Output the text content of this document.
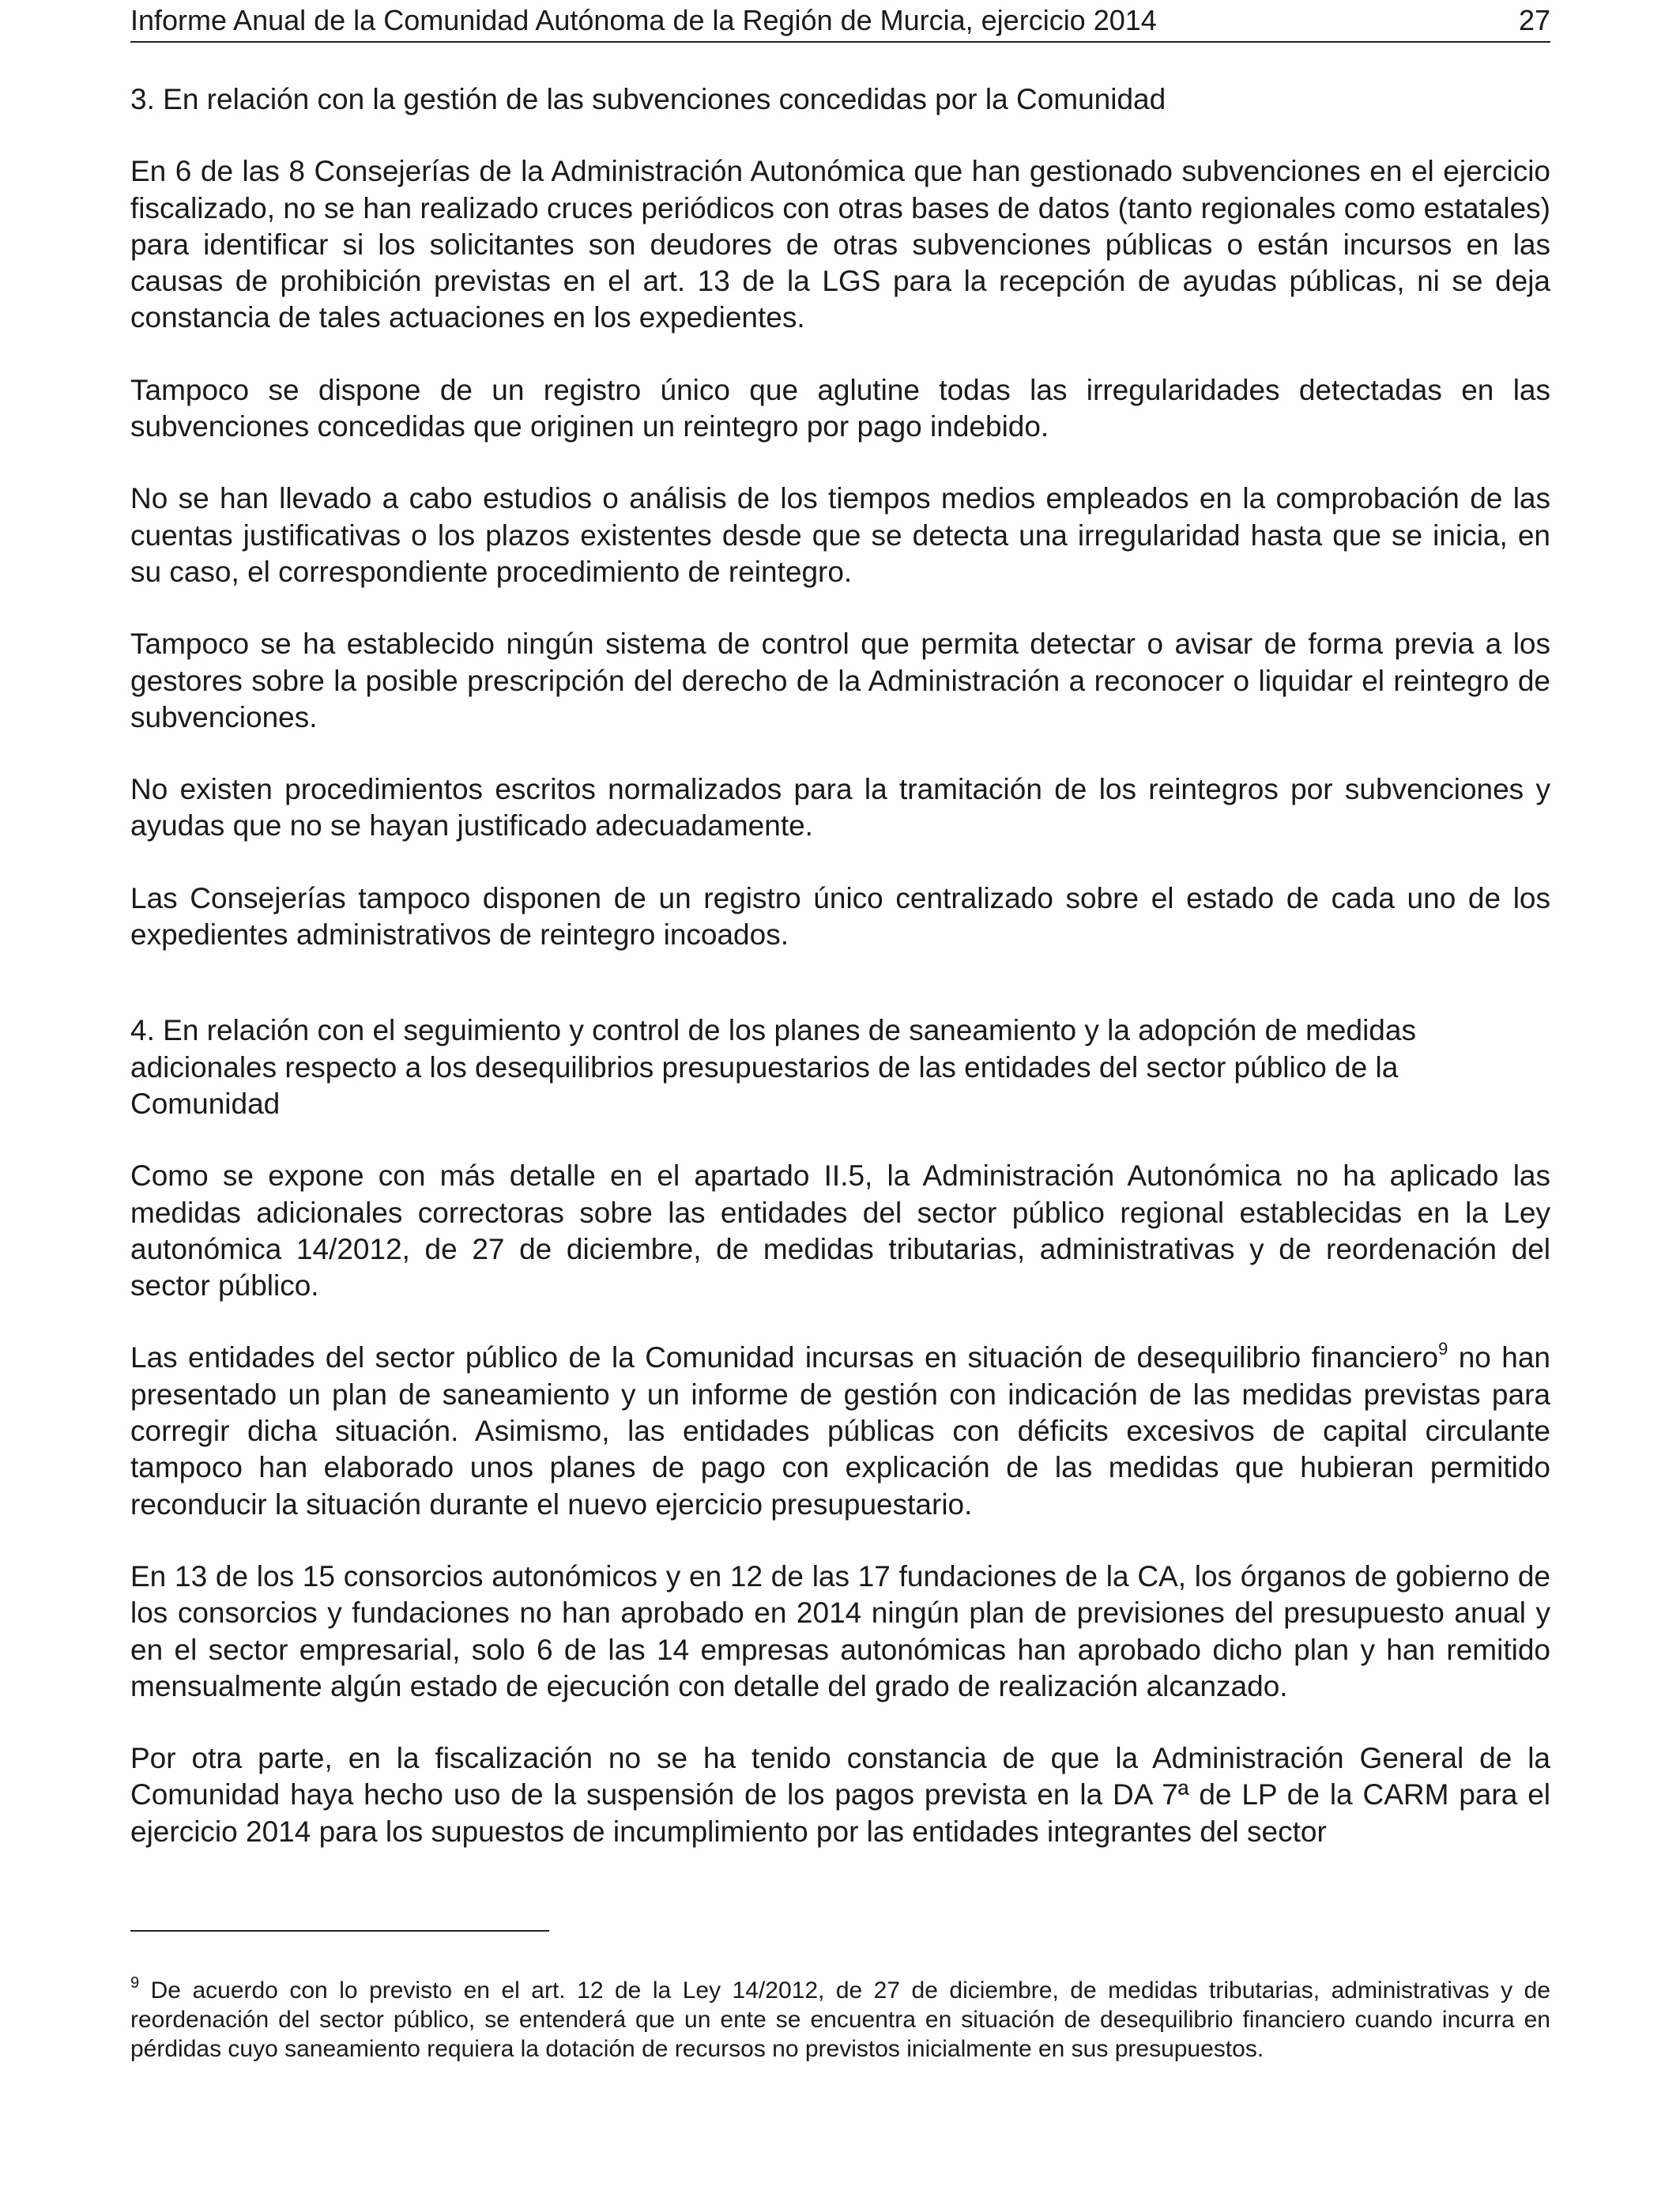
Informe Anual de la Comunidad Autónoma de la Región de Murcia, ejercicio 2014	27

3. En relación con la gestión de las subvenciones concedidas por la Comunidad

En 6 de las 8 Consejerías de la Administración Autonómica que han gestionado subvenciones en el ejercicio fiscalizado, no se han realizado cruces periódicos con otras bases de datos (tanto regionales como estatales) para identificar si los solicitantes son deudores de otras subvenciones públicas o están incursos en las causas de prohibición previstas en el art. 13 de la LGS para la recepción de ayudas públicas, ni se deja constancia de tales actuaciones en los expedientes.

Tampoco se dispone de un registro único que aglutine todas las irregularidades detectadas en las subvenciones concedidas que originen un reintegro por pago indebido.

No se han llevado a cabo estudios o análisis de los tiempos medios empleados en la comprobación de las cuentas justificativas o los plazos existentes desde que se detecta una irregularidad hasta que se inicia, en su caso, el correspondiente procedimiento de reintegro.

Tampoco se ha establecido ningún sistema de control que permita detectar o avisar de forma previa a los gestores sobre la posible prescripción del derecho de la Administración a reconocer o liquidar el reintegro de subvenciones.

No existen procedimientos escritos normalizados para la tramitación de los reintegros por subvenciones y ayudas que no se hayan justificado adecuadamente.

Las Consejerías tampoco disponen de un registro único centralizado sobre el estado de cada uno de los expedientes administrativos de reintegro incoados.

4. En relación con el seguimiento y control de los planes de saneamiento y la adopción de medidas adicionales respecto a los desequilibrios presupuestarios de las entidades del sector público de la Comunidad

Como se expone con más detalle en el apartado II.5, la Administración Autonómica no ha aplicado las medidas adicionales correctoras sobre las entidades del sector público regional establecidas en la Ley autonómica 14/2012, de 27 de diciembre, de medidas tributarias, administrativas y de reordenación del sector público.

Las entidades del sector público de la Comunidad incursas en situación de desequilibrio financiero$^9$ no han presentado un plan de saneamiento y un informe de gestión con indicación de las medidas previstas para corregir dicha situación. Asimismo, las entidades públicas con déficits excesivos de capital circulante tampoco han elaborado unos planes de pago con explicación de las medidas que hubieran permitido reconducir la situación durante el nuevo ejercicio presupuestario.

En 13 de los 15 consorcios autonómicos y en 12 de las 17 fundaciones de la CA, los órganos de gobierno de los consorcios y fundaciones no han aprobado en 2014 ningún plan de previsiones del presupuesto anual y en el sector empresarial, solo 6 de las 14 empresas autonómicas han aprobado dicho plan y han remitido mensualmente algún estado de ejecución con detalle del grado de realización alcanzado.

Por otra parte, en la fiscalización no se ha tenido constancia de que la Administración General de la Comunidad haya hecho uso de la suspensión de los pagos prevista en la DA 7ª de LP de la CARM para el ejercicio 2014 para los supuestos de incumplimiento por las entidades integrantes del sector

$^9$ De acuerdo con lo previsto en el art. 12 de la Ley 14/2012, de 27 de diciembre, de medidas tributarias, administrativas y de reordenación del sector público, se entenderá que un ente se encuentra en situación de desequilibrio financiero cuando incurra en pérdidas cuyo saneamiento requiera la dotación de recursos no previstos inicialmente en sus presupuestos.
